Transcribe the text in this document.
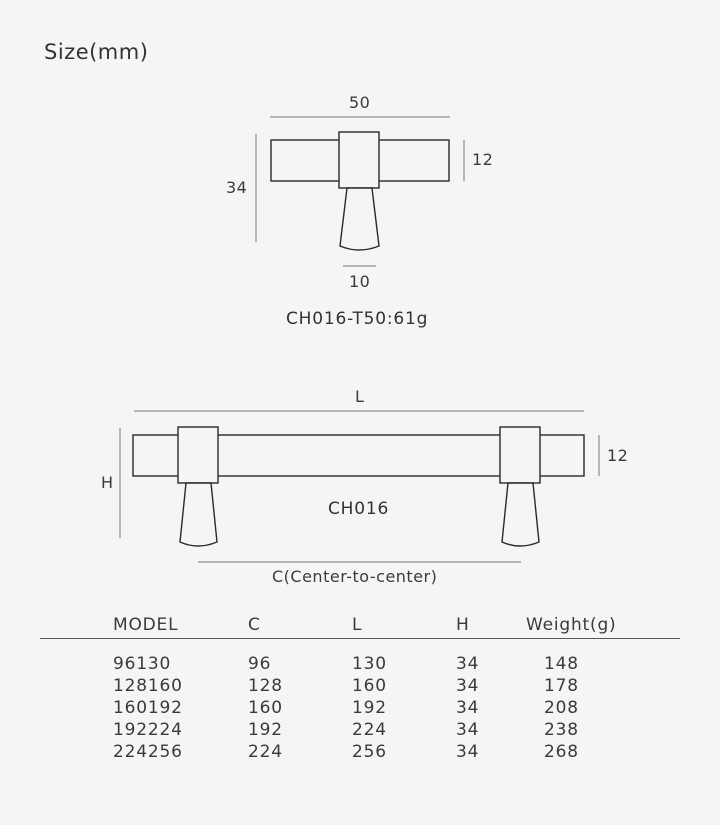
Size(mm)
50
34
12
10
CH016-T50:61g
L
H
12
CH016
C(Center-to-center)
MODEL	C	L	H	Weight(g)
96130	96	130	34	148
128160	128	160	34	178
160192	160	192	34	208
192224	192	224	34	238
224256	224	256	34	268
